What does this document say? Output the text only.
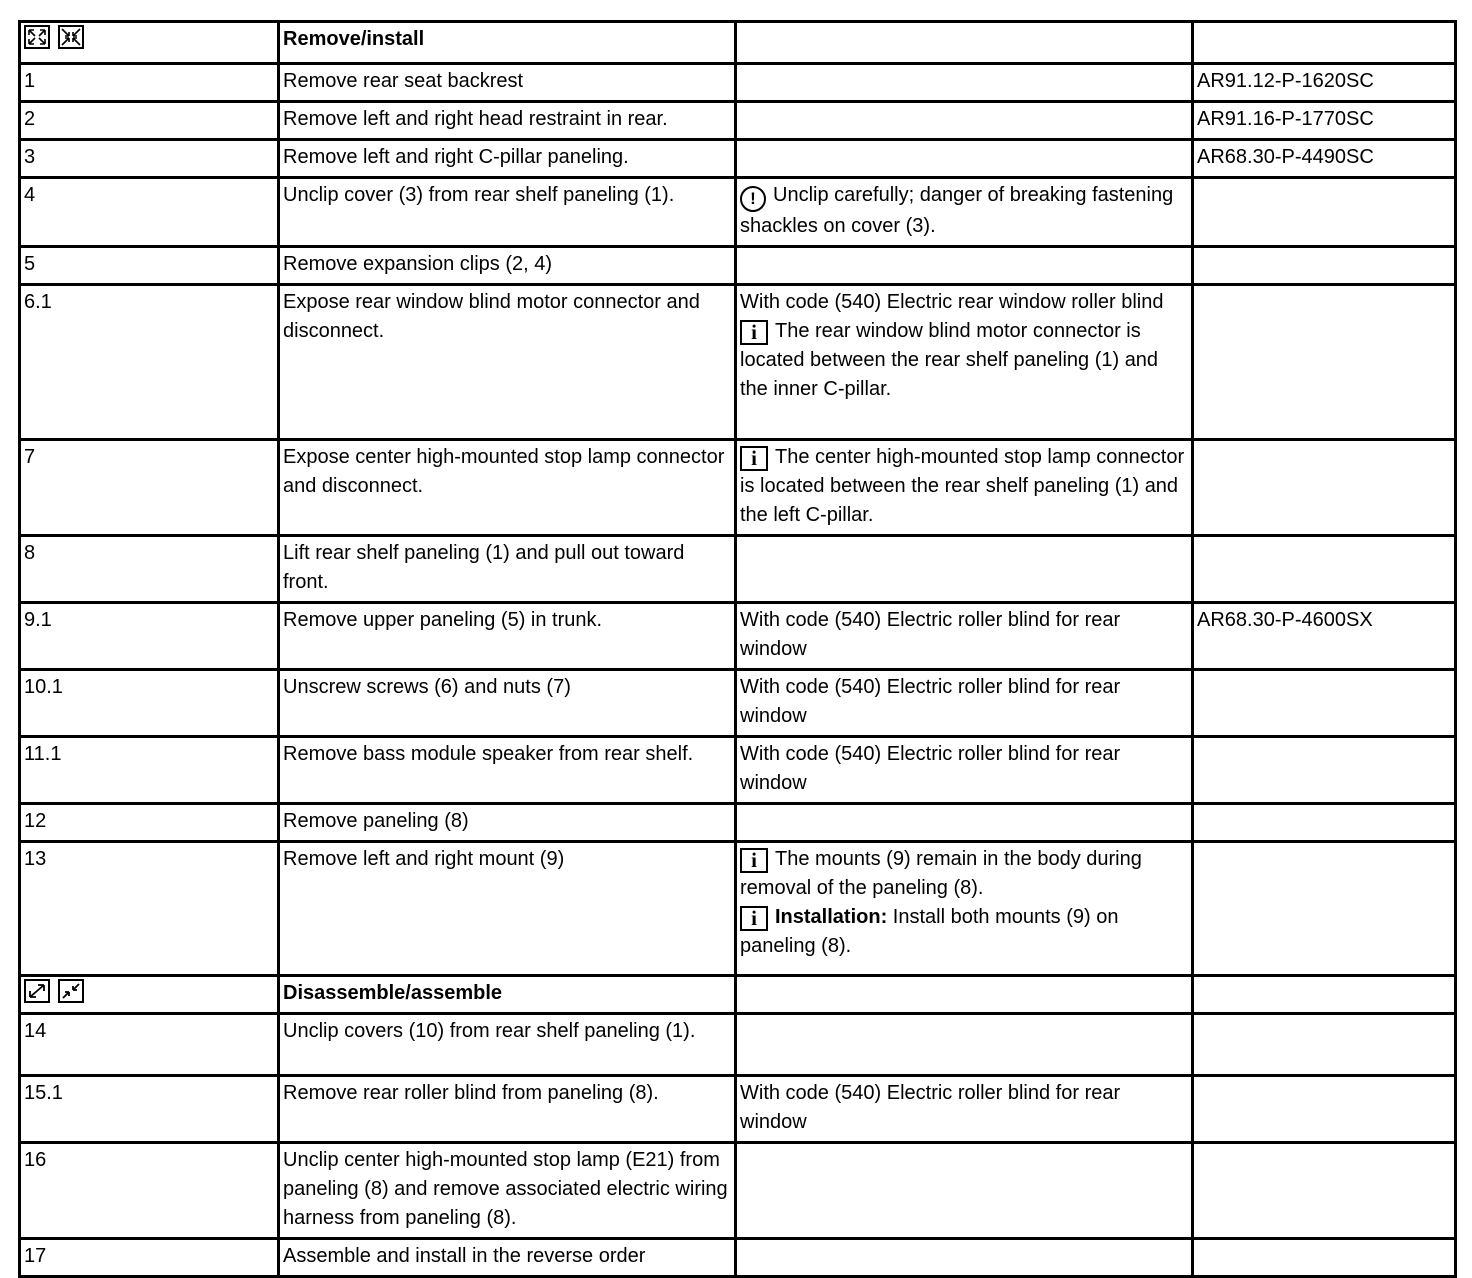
	Remove/install		
1	Remove rear seat backrest		AR91.12-P-1620SC
2	Remove left and right head restraint in rear.		AR91.16-P-1770SC
3	Remove left and right C-pillar paneling.		AR68.30-P-4490SC
4	Unclip cover (3) from rear shelf paneling (1).	! Unclip carefully; danger of breaking fastening shackles on cover (3).	
5	Remove expansion clips (2, 4)		
6.1	Expose rear window blind motor connector and disconnect.	With code (540) Electric rear window roller blind
i The rear window blind motor connector is located between the rear shelf paneling (1) and the inner C-pillar.	

7	Expose center high-mounted stop lamp connector and disconnect.	i The center high-mounted stop lamp connector is located between the rear shelf paneling (1) and the left C-pillar.	
8	Lift rear shelf paneling (1) and pull out toward front.		
9.1	Remove upper paneling (5) in trunk.	With code (540) Electric roller blind for rear window	AR68.30-P-4600SX
10.1	Unscrew screws (6) and nuts (7)	With code (540) Electric roller blind for rear window	
11.1	Remove bass module speaker from rear shelf.	With code (540) Electric roller blind for rear window	
12	Remove paneling (8)		
13	Remove left and right mount (9)	i The mounts (9) remain in the body during removal of the paneling (8).
i Installation: Install both mounts (9) on paneling (8).	

	Disassemble/assemble		
14	Unclip covers (10) from rear shelf paneling (1).		
15.1	Remove rear roller blind from paneling (8).	With code (540) Electric roller blind for rear window	
16	Unclip center high-mounted stop lamp (E21) from paneling (8) and remove associated electric wiring harness from paneling (8).		
17	Assemble and install in the reverse order		
